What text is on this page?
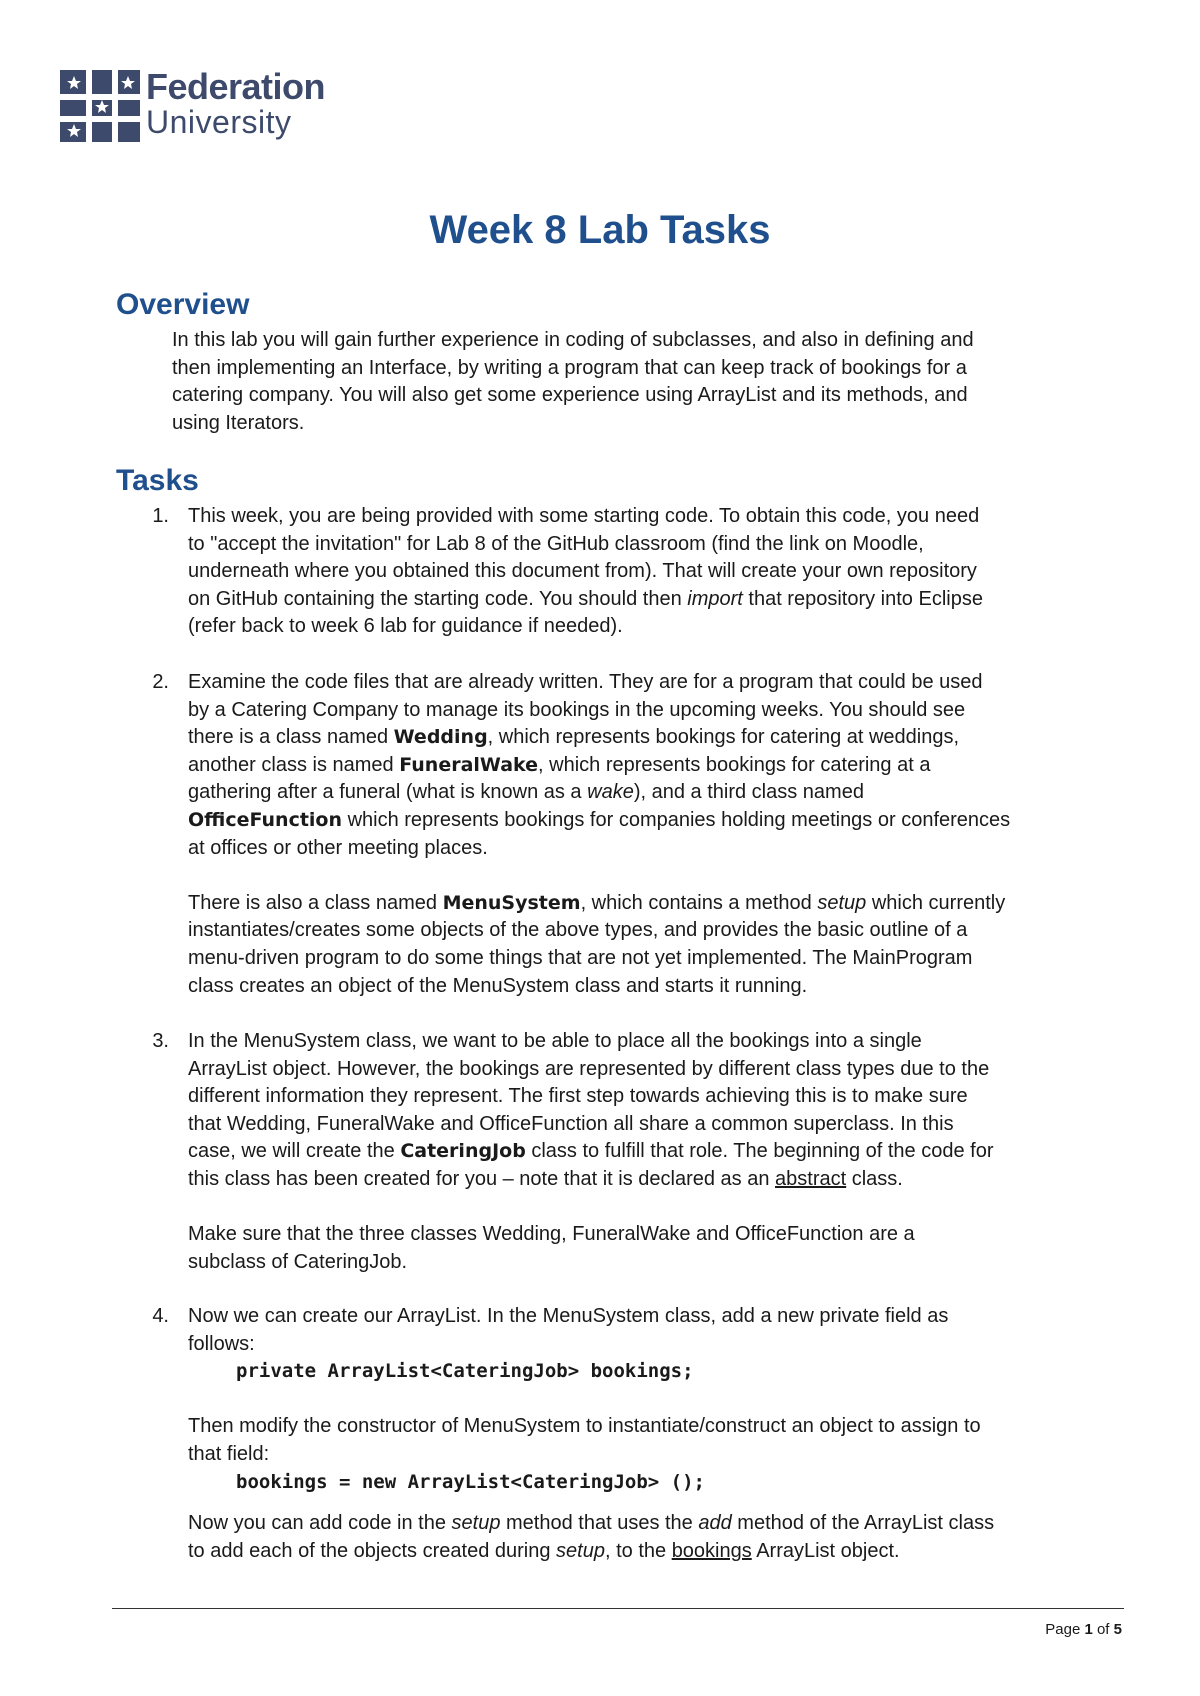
Federation
University
Week 8 Lab Tasks
Overview
In this lab you will gain further experience in coding of subclasses, and also in defining and
then implementing an Interface, by writing a program that can keep track of bookings for a
catering company. You will also get some experience using ArrayList and its methods, and
using Iterators.
Tasks
1. This week, you are being provided with some starting code. To obtain this code, you need
to "accept the invitation" for Lab 8 of the GitHub classroom (find the link on Moodle,
underneath where you obtained this document from). That will create your own repository
on GitHub containing the starting code. You should then import that repository into Eclipse
(refer back to week 6 lab for guidance if needed).
2. Examine the code files that are already written. They are for a program that could be used
by a Catering Company to manage its bookings in the upcoming weeks. You should see
there is a class named Wedding, which represents bookings for catering at weddings,
another class is named FuneralWake, which represents bookings for catering at a
gathering after a funeral (what is known as a wake), and a third class named
OfficeFunction which represents bookings for companies holding meetings or conferences
at offices or other meeting places.
There is also a class named MenuSystem, which contains a method setup which currently
instantiates/creates some objects of the above types, and provides the basic outline of a
menu-driven program to do some things that are not yet implemented. The MainProgram
class creates an object of the MenuSystem class and starts it running.
3. In the MenuSystem class, we want to be able to place all the bookings into a single
ArrayList object. However, the bookings are represented by different class types due to the
different information they represent. The first step towards achieving this is to make sure
that Wedding, FuneralWake and OfficeFunction all share a common superclass. In this
case, we will create the CateringJob class to fulfill that role. The beginning of the code for
this class has been created for you – note that it is declared as an abstract class.
Make sure that the three classes Wedding, FuneralWake and OfficeFunction are a
subclass of CateringJob.
4. Now we can create our ArrayList. In the MenuSystem class, add a new private field as
follows:
private ArrayList<CateringJob> bookings;
Then modify the constructor of MenuSystem to instantiate/construct an object to assign to
that field:
bookings = new ArrayList<CateringJob> ();
Now you can add code in the setup method that uses the add method of the ArrayList class
to add each of the objects created during setup, to the bookings ArrayList object.
Page 1 of 5
